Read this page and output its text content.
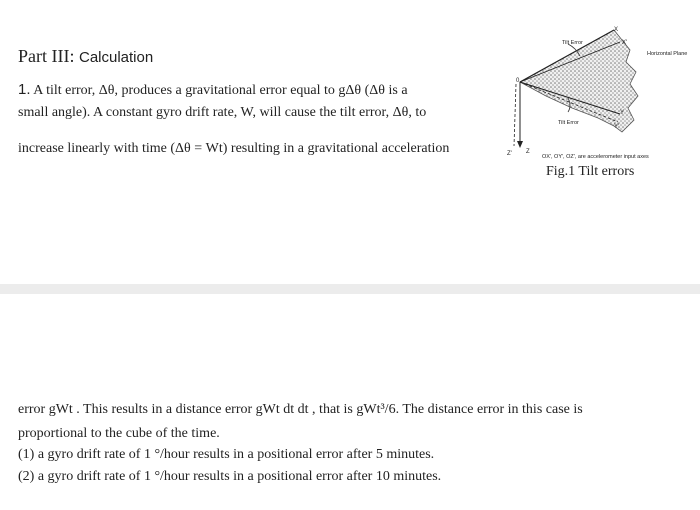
Part III: Calculation
1. A tilt error, Δθ, produces a gravitational error equal to gΔθ (Δθ is a
small angle). A constant gyro drift rate, W, will cause the tilt error, Δθ, to
increase linearly with time (Δθ = Wt) resulting in a gravitational acceleration
X
X'
Y
Y'
Z' Z
0
Tilt Error
Tilt Error
Horizontal Plane
OX', OY', OZ', are accelerometer input axes
Fig.1 Tilt errors
error gWt . This results in a distance error gWt dt dt , that is gWt³/6. The distance error in this case is
proportional to the cube of the time.
(1) a gyro drift rate of 1 °/hour results in a positional error after 5 minutes.
(2) a gyro drift rate of 1 °/hour results in a positional error after 10 minutes.
